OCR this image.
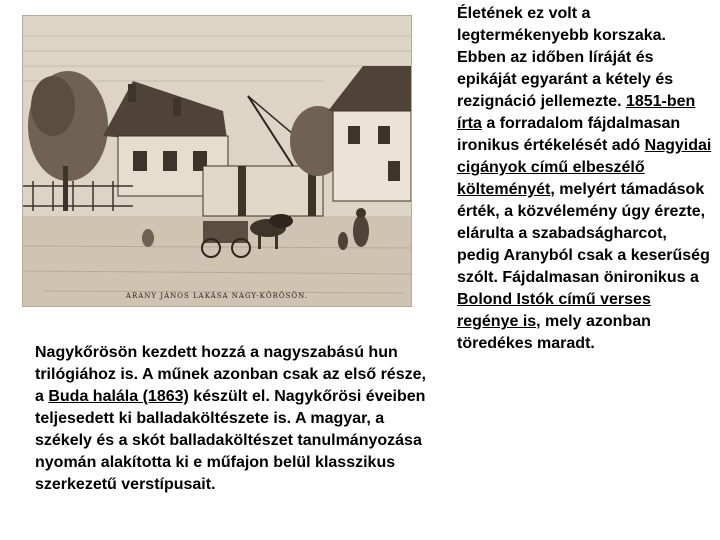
ARANY JÁNOS LAKÁSA NAGY-KŐRÖSÖN.
Nagykőrösön kezdett hozzá a nagyszabású hun trilógiához is. A műnek azonban csak az első része, a Buda halála (1863) készült el. Nagykőrösi éveiben teljesedett ki balladaköltészete is. A magyar, a székely és a skót balladaköltészet tanulmányozása nyomán alakította ki e műfajon belül klasszikus szerkezetű verstípusait.
Életének ez volt a legtermékenyebb korszaka. Ebben az időben líráját és epikáját egyaránt a kétely és rezignáció jellemezte. 1851-ben írta a forradalom fájdalmasan ironikus értékelését adó Nagyidai cigányok című elbeszélő költeményét, melyért támadások érték, a közvélemény úgy érezte, elárulta a szabadságharcot, pedig Aranyból csak a keserűség szólt. Fájdalmasan önironikus a Bolond Istók című verses regénye is, mely azonban töredékes maradt.
